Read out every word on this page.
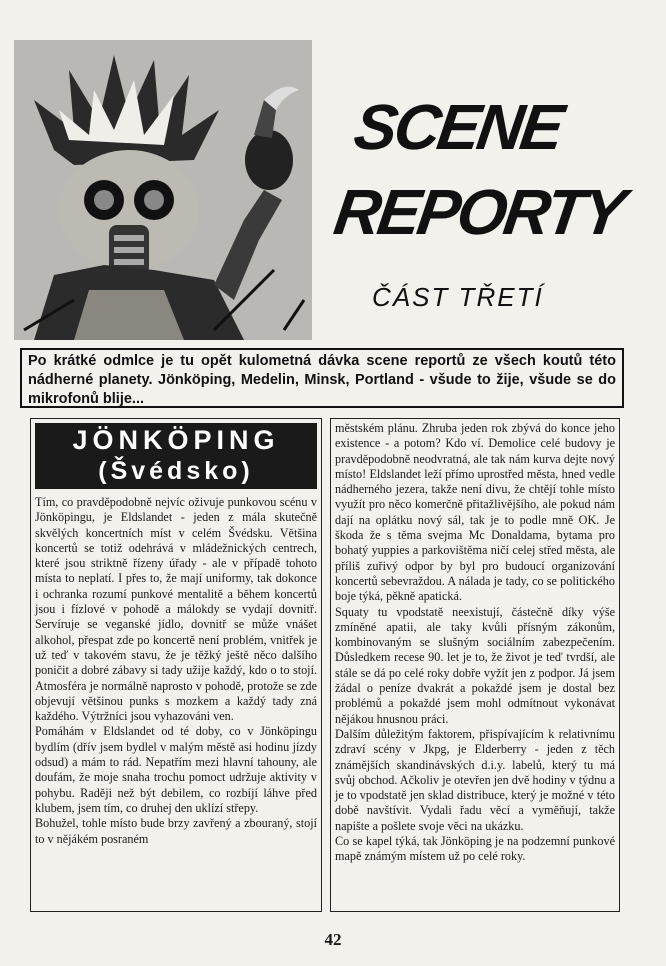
SCENE
REPORTY
ČÁST TŘETÍ
Po krátké odmlce je tu opět kulometná dávka scene reportů ze všech koutů této nádherné planety. Jönköping, Medelin, Minsk, Portland - všude to žije, všude se do mikrofonů blije...
JÖNKÖPING
(Švédsko)

Tím, co pravděpodobně nejvíc oživuje punkovou scénu v Jönköpingu, je Eldslandet - jeden z mála skutečně skvělých koncertních míst v celém Švédsku. Většina koncertů se totiž odehrává v mládežnických centrech, které jsou striktně řízeny úřady - ale v případě tohoto místa to neplatí. I přes to, že mají uniformy, tak dokonce i ochranka rozumí punkové mentalitě a během koncertů jsou i fízlové v pohodě a málokdy se vydají dovnitř. Servíruje se veganské jídlo, dovnitř se může vnášet alkohol, přespat zde po koncertě není problém, vnitřek je už teď v takovém stavu, že je těžký ještě něco dalšího poničit a dobré zábavy si tady užije každý, kdo o to stojí. Atmosféra je normálně naprosto v pohodě, protože se zde objevují většinou punks s mozkem a každý tady zná každého. Výtržníci jsou vyhazováni ven.

Pomáhám v Eldslandet od té doby, co v Jönköpingu bydlím (dřív jsem bydlel v malým městě asi hodinu jízdy odsud) a mám to rád. Nepatřím mezi hlavní tahouny, ale doufám, že moje snaha trochu pomoct udržuje aktivity v pohybu. Raději než být debilem, co rozbíjí láhve před klubem, jsem tím, co druhej den uklízí střepy.

Bohužel, tohle místo bude brzy zavřený a zbouraný, stojí to v nějákém posraném

městském plánu. Zhruba jeden rok zbývá do konce jeho existence - a potom? Kdo ví. Demolice celé budovy je pravděpodobně neodvratná, ale tak nám kurva dejte nový místo! Eldslandet leží přímo uprostřed města, hned vedle nádherného jezera, takže není divu, že chtějí tohle místo využít pro něco komerčně přitažlivějšího, ale pokud nám dají na oplátku nový sál, tak je to podle mně OK. Je škoda že s těma svejma Mc Donaldama, bytama pro bohatý yuppies a parkovištěma ničí celej střed města, ale příliš zuřivý odpor by byl pro budoucí organizování koncertů sebevraždou. A nálada je tady, co se politického boje týká, pěkně apatická.

Squaty tu vpodstatě neexistují, částečně díky výše zmíněné apatii, ale taky kvůli přísným zákonům, kombinovaným se slušným sociálním zabezpečením. Důsledkem recese 90. let je to, že život je teď tvrdší, ale stále se dá po celé roky dobře vyžít jen z podpor. Já jsem žádal o peníze dvakrát a pokaždé jsem je dostal bez problémů a pokaždé jsem mohl odmítnout vykonávat nějákou hnusnou práci.

Dalším důležitým faktorem, přispívajícím k relativnímu zdraví scény v Jkpg, je Elderberry - jeden z těch známějších skandinávských d.i.y. labelů, který tu má svůj obchod. Ačkoliv je otevřen jen dvě hodiny v týdnu a je to vpodstatě jen sklad distribuce, který je možné v této době navštívit. Vydali řadu věcí a vyměňují, takže napište a pošlete svoje věci na ukázku.

Co se kapel týká, tak Jönköping je na podzemní punkové mapě známým místem už po celé roky.

42
